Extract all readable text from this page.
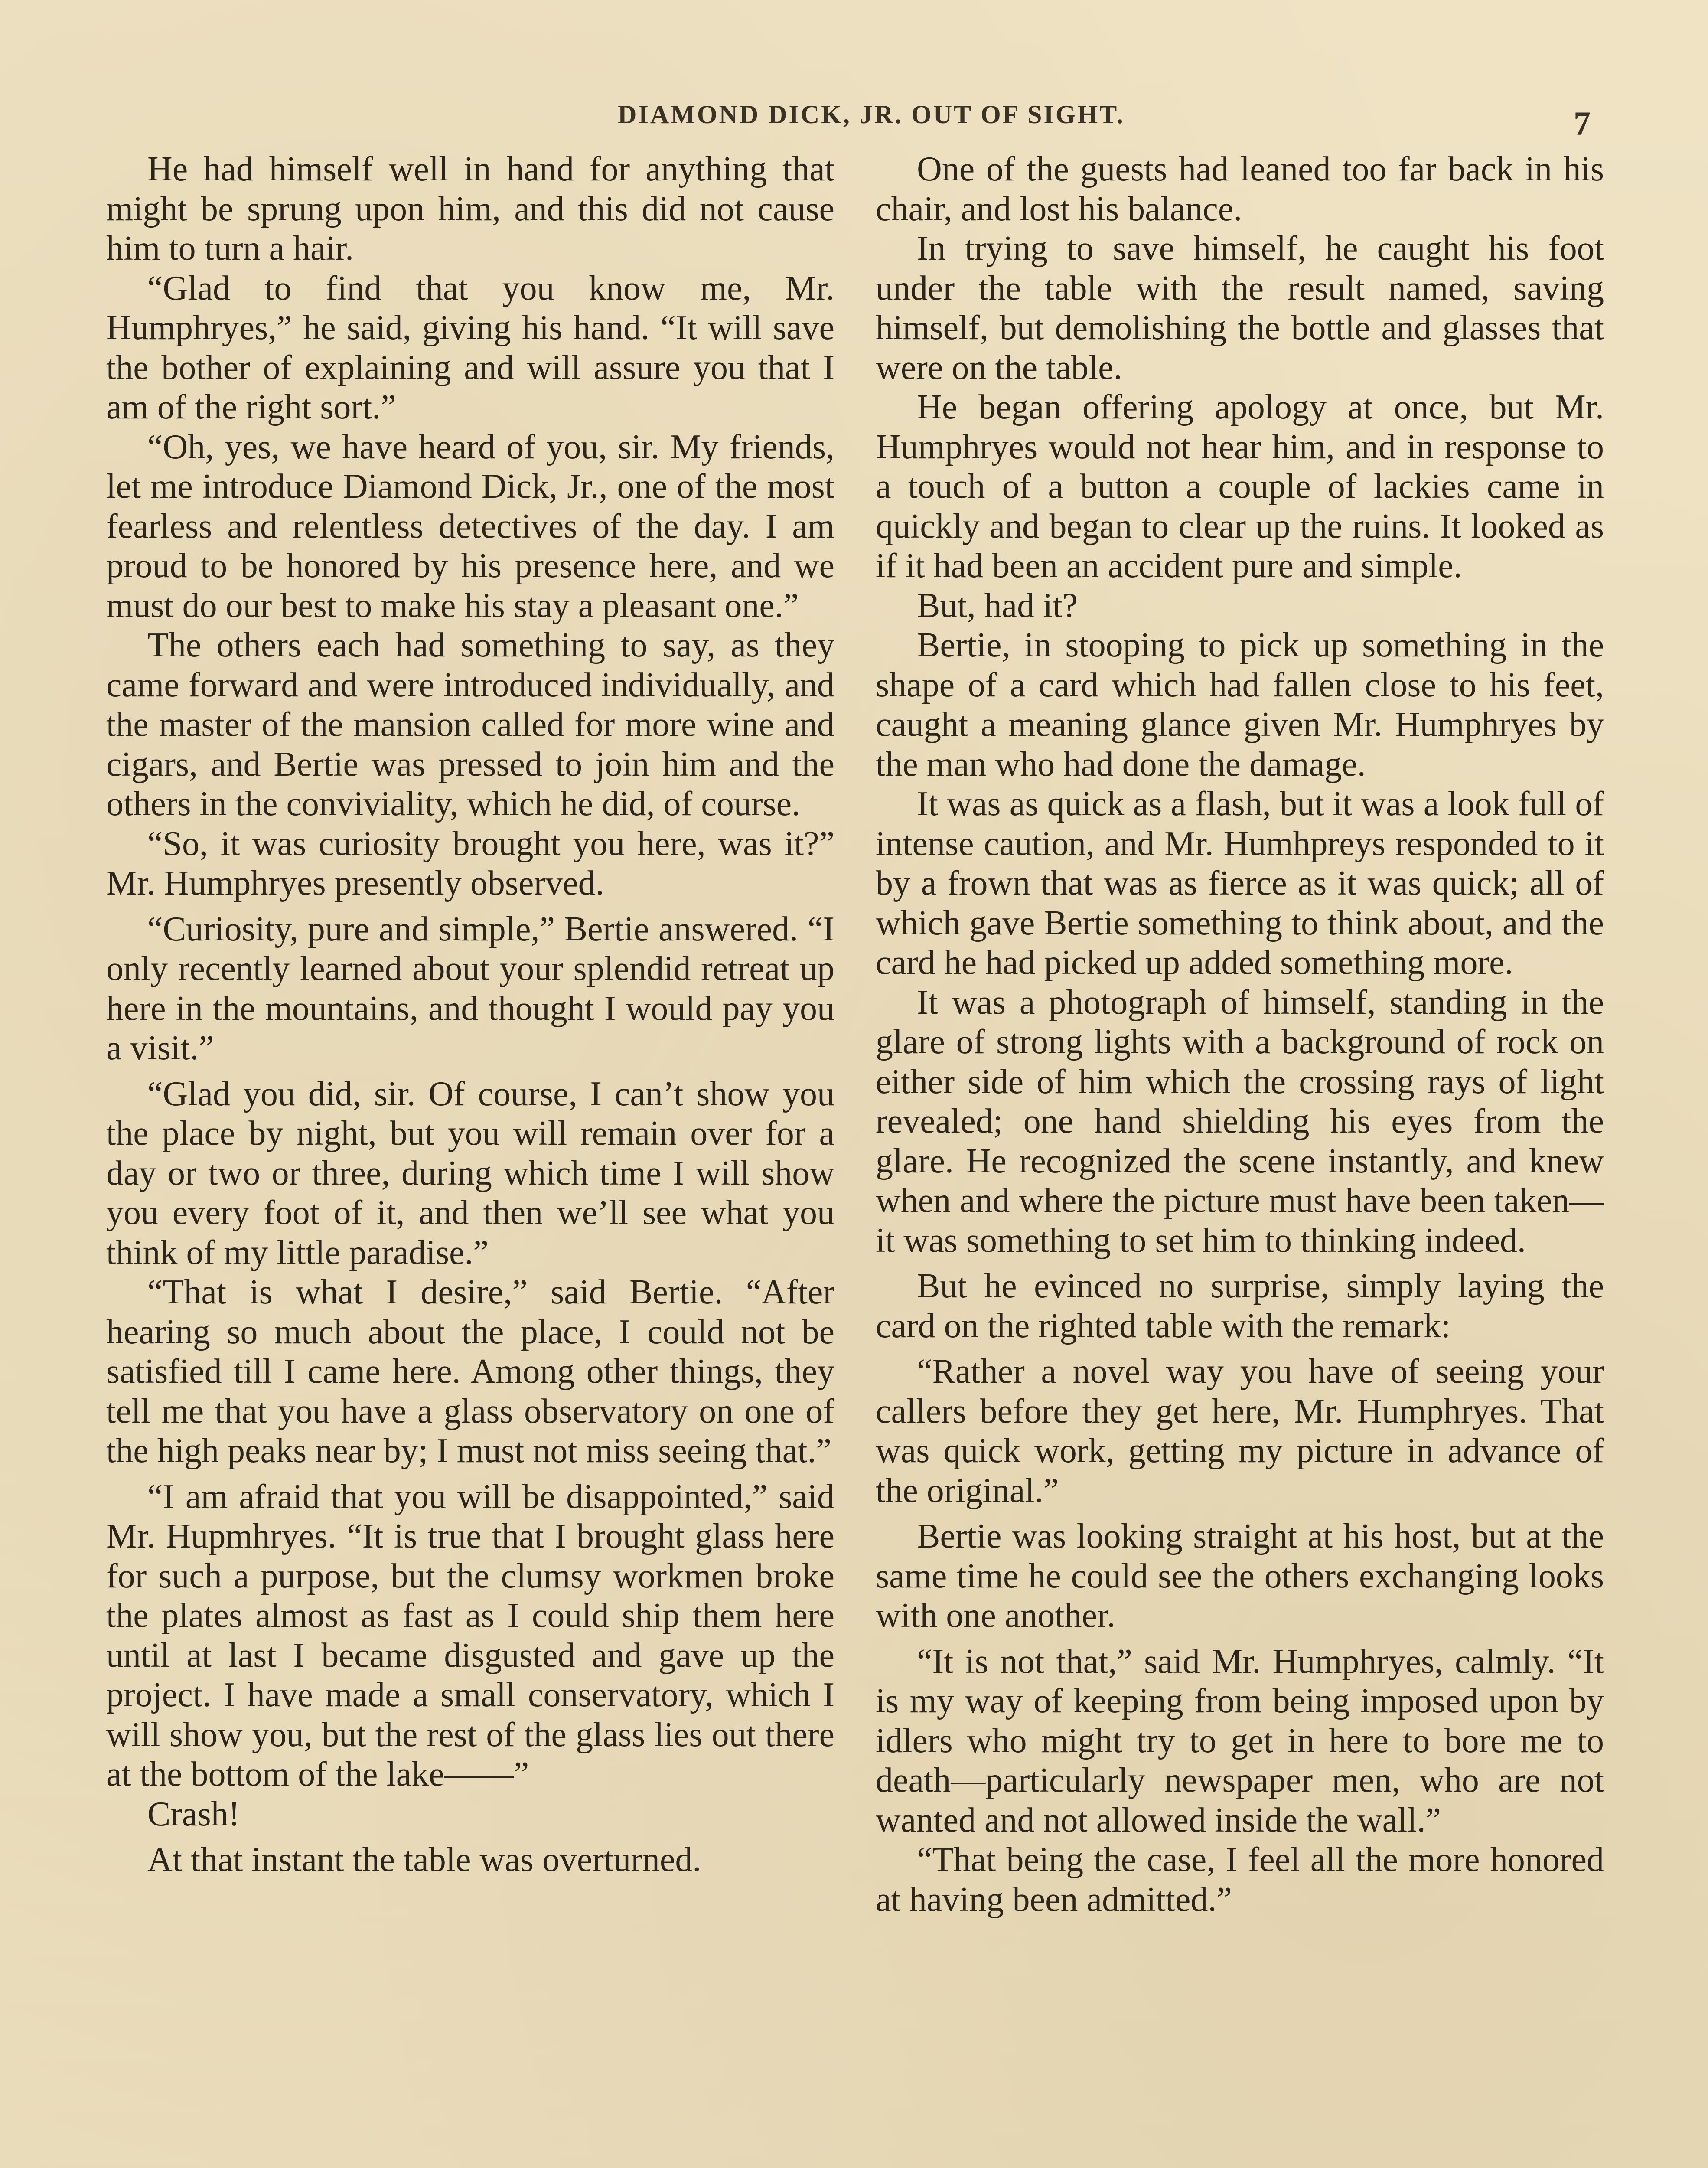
DIAMOND DICK, JR. OUT OF SIGHT.	7

He had himself well in hand for anything that might be sprung upon him, and this did not cause him to turn a hair.

“Glad to find that you know me, Mr. Humphryes,” he said, giving his hand. “It will save the bother of explaining and will assure you that I am of the right sort.”

“Oh, yes, we have heard of you, sir. My friends, let me introduce Diamond Dick, Jr., one of the most fearless and relentless detectives of the day. I am proud to be honored by his presence here, and we must do our best to make his stay a pleasant one.”

The others each had something to say, as they came forward and were introduced individually, and the master of the mansion called for more wine and cigars, and Bertie was pressed to join him and the others in the conviviality, which he did, of course.

“So, it was curiosity brought you here, was it?” Mr. Humphryes presently observed.

“Curiosity, pure and simple,” Bertie answered. “I only recently learned about your splendid retreat up here in the mountains, and thought I would pay you a visit.”

“Glad you did, sir. Of course, I can’t show you the place by night, but you will remain over for a day or two or three, during which time I will show you every foot of it, and then we’ll see what you think of my little paradise.”

“That is what I desire,” said Bertie. “After hearing so much about the place, I could not be satisfied till I came here. Among other things, they tell me that you have a glass observatory on one of the high peaks near by; I must not miss seeing that.”

“I am afraid that you will be disappointed,” said Mr. Hupmhryes. “It is true that I brought glass here for such a purpose, but the clumsy workmen broke the plates almost as fast as I could ship them here until at last I became disgusted and gave up the project. I have made a small conservatory, which I will show you, but the rest of the glass lies out there at the bottom of the lake——”

Crash!

At that instant the table was overturned.

One of the guests had leaned too far back in his chair, and lost his balance.

In trying to save himself, he caught his foot under the table with the result named, saving himself, but demolishing the bottle and glasses that were on the table.

He began offering apology at once, but Mr. Humphryes would not hear him, and in response to a touch of a button a couple of lackies came in quickly and began to clear up the ruins. It looked as if it had been an accident pure and simple.

But, had it?

Bertie, in stooping to pick up something in the shape of a card which had fallen close to his feet, caught a meaning glance given Mr. Humphryes by the man who had done the damage.

It was as quick as a flash, but it was a look full of intense caution, and Mr. Humhpreys responded to it by a frown that was as fierce as it was quick; all of which gave Bertie something to think about, and the card he had picked up added something more.

It was a photograph of himself, standing in the glare of strong lights with a background of rock on either side of him which the crossing rays of light revealed; one hand shielding his eyes from the glare. He recognized the scene instantly, and knew when and where the picture must have been taken—it was something to set him to thinking indeed.

But he evinced no surprise, simply laying the card on the righted table with the remark:

“Rather a novel way you have of seeing your callers before they get here, Mr. Humphryes. That was quick work, getting my picture in advance of the original.”

Bertie was looking straight at his host, but at the same time he could see the others exchanging looks with one another.

“It is not that,” said Mr. Humphryes, calmly. “It is my way of keeping from being imposed upon by idlers who might try to get in here to bore me to death—particularly newspaper men, who are not wanted and not allowed inside the wall.”

“That being the case, I feel all the more honored at having been admitted.”
